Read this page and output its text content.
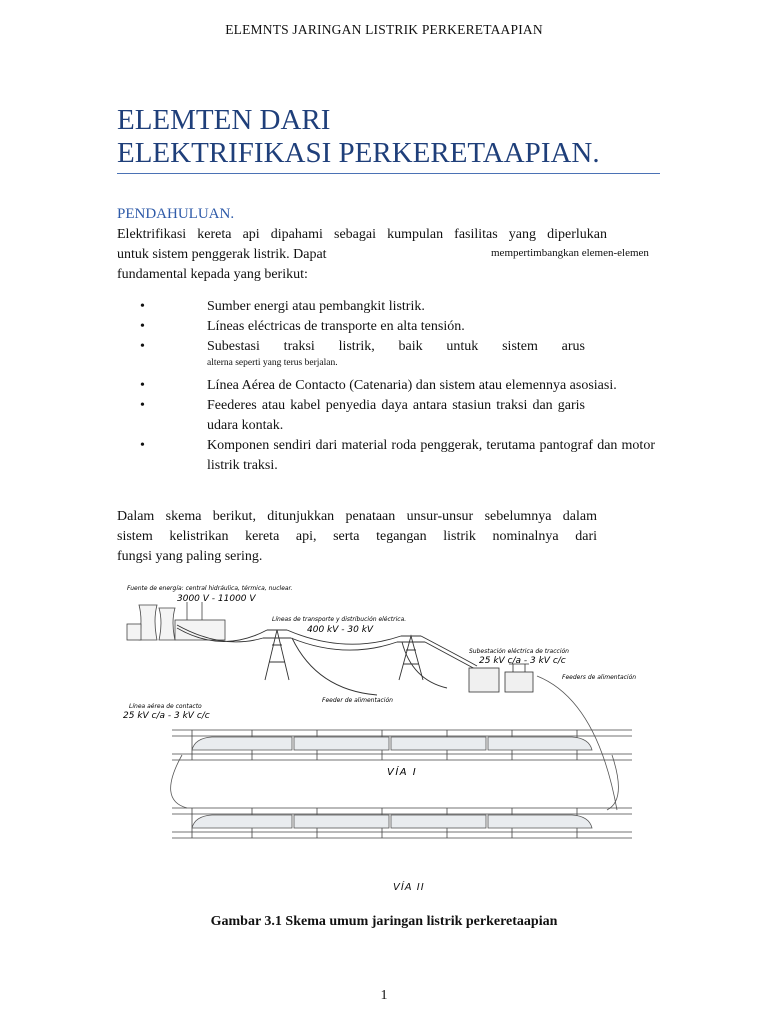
ELEMNTS JARINGAN LISTRIK PERKERETAAPIAN
ELEMTEN DARI
ELEKTRIFIKASI PERKERETAAPIAN.
PENDAHULUAN.

Elektrifikasi kereta api dipahami sebagai kumpulan fasilitas yang diperlukan

untuk sistem penggerak listrik. Dapat

fundamental kepada yang berikut:

mempertimbangkan elemen-elemen
•	Sumber energi atau pembangkit listrik.
•	Líneas eléctricas de transporte en alta tensión.
•	Subestasi traksi listrik, baik untuk sistem arus
alterna seperti yang terus berjalan.
•	Línea Aérea de Contacto (Catenaria) dan sistem atau elemennya asosiasi.
•	Feederes atau kabel penyedia daya antara stasiun traksi dan garis udara kontak.
•	Komponen sendiri dari material roda penggerak, terutama pantograf dan motor listrik traksi.

Dalam skema berikut, ditunjukkan penataan unsur-unsur sebelumnya dalam

sistem kelistrikan kereta api, serta tegangan listrik nominalnya dari

fungsi yang paling sering.

Fuente de energía: central hidráulica, térmica, nuclear.
3000 V - 11000 V
Líneas de transporte y distribución eléctrica.
400 kV - 30 kV
Subestación eléctrica de tracción
25 kV c/a - 3 kV c/c
Feeders de alimentación
Línea aérea de contacto
25 kV c/a - 3 kV c/c
Feeder de alimentación
VÍA I
VÍA II
Gambar 3.1 Skema umum jaringan listrik perkeretaapian
1
